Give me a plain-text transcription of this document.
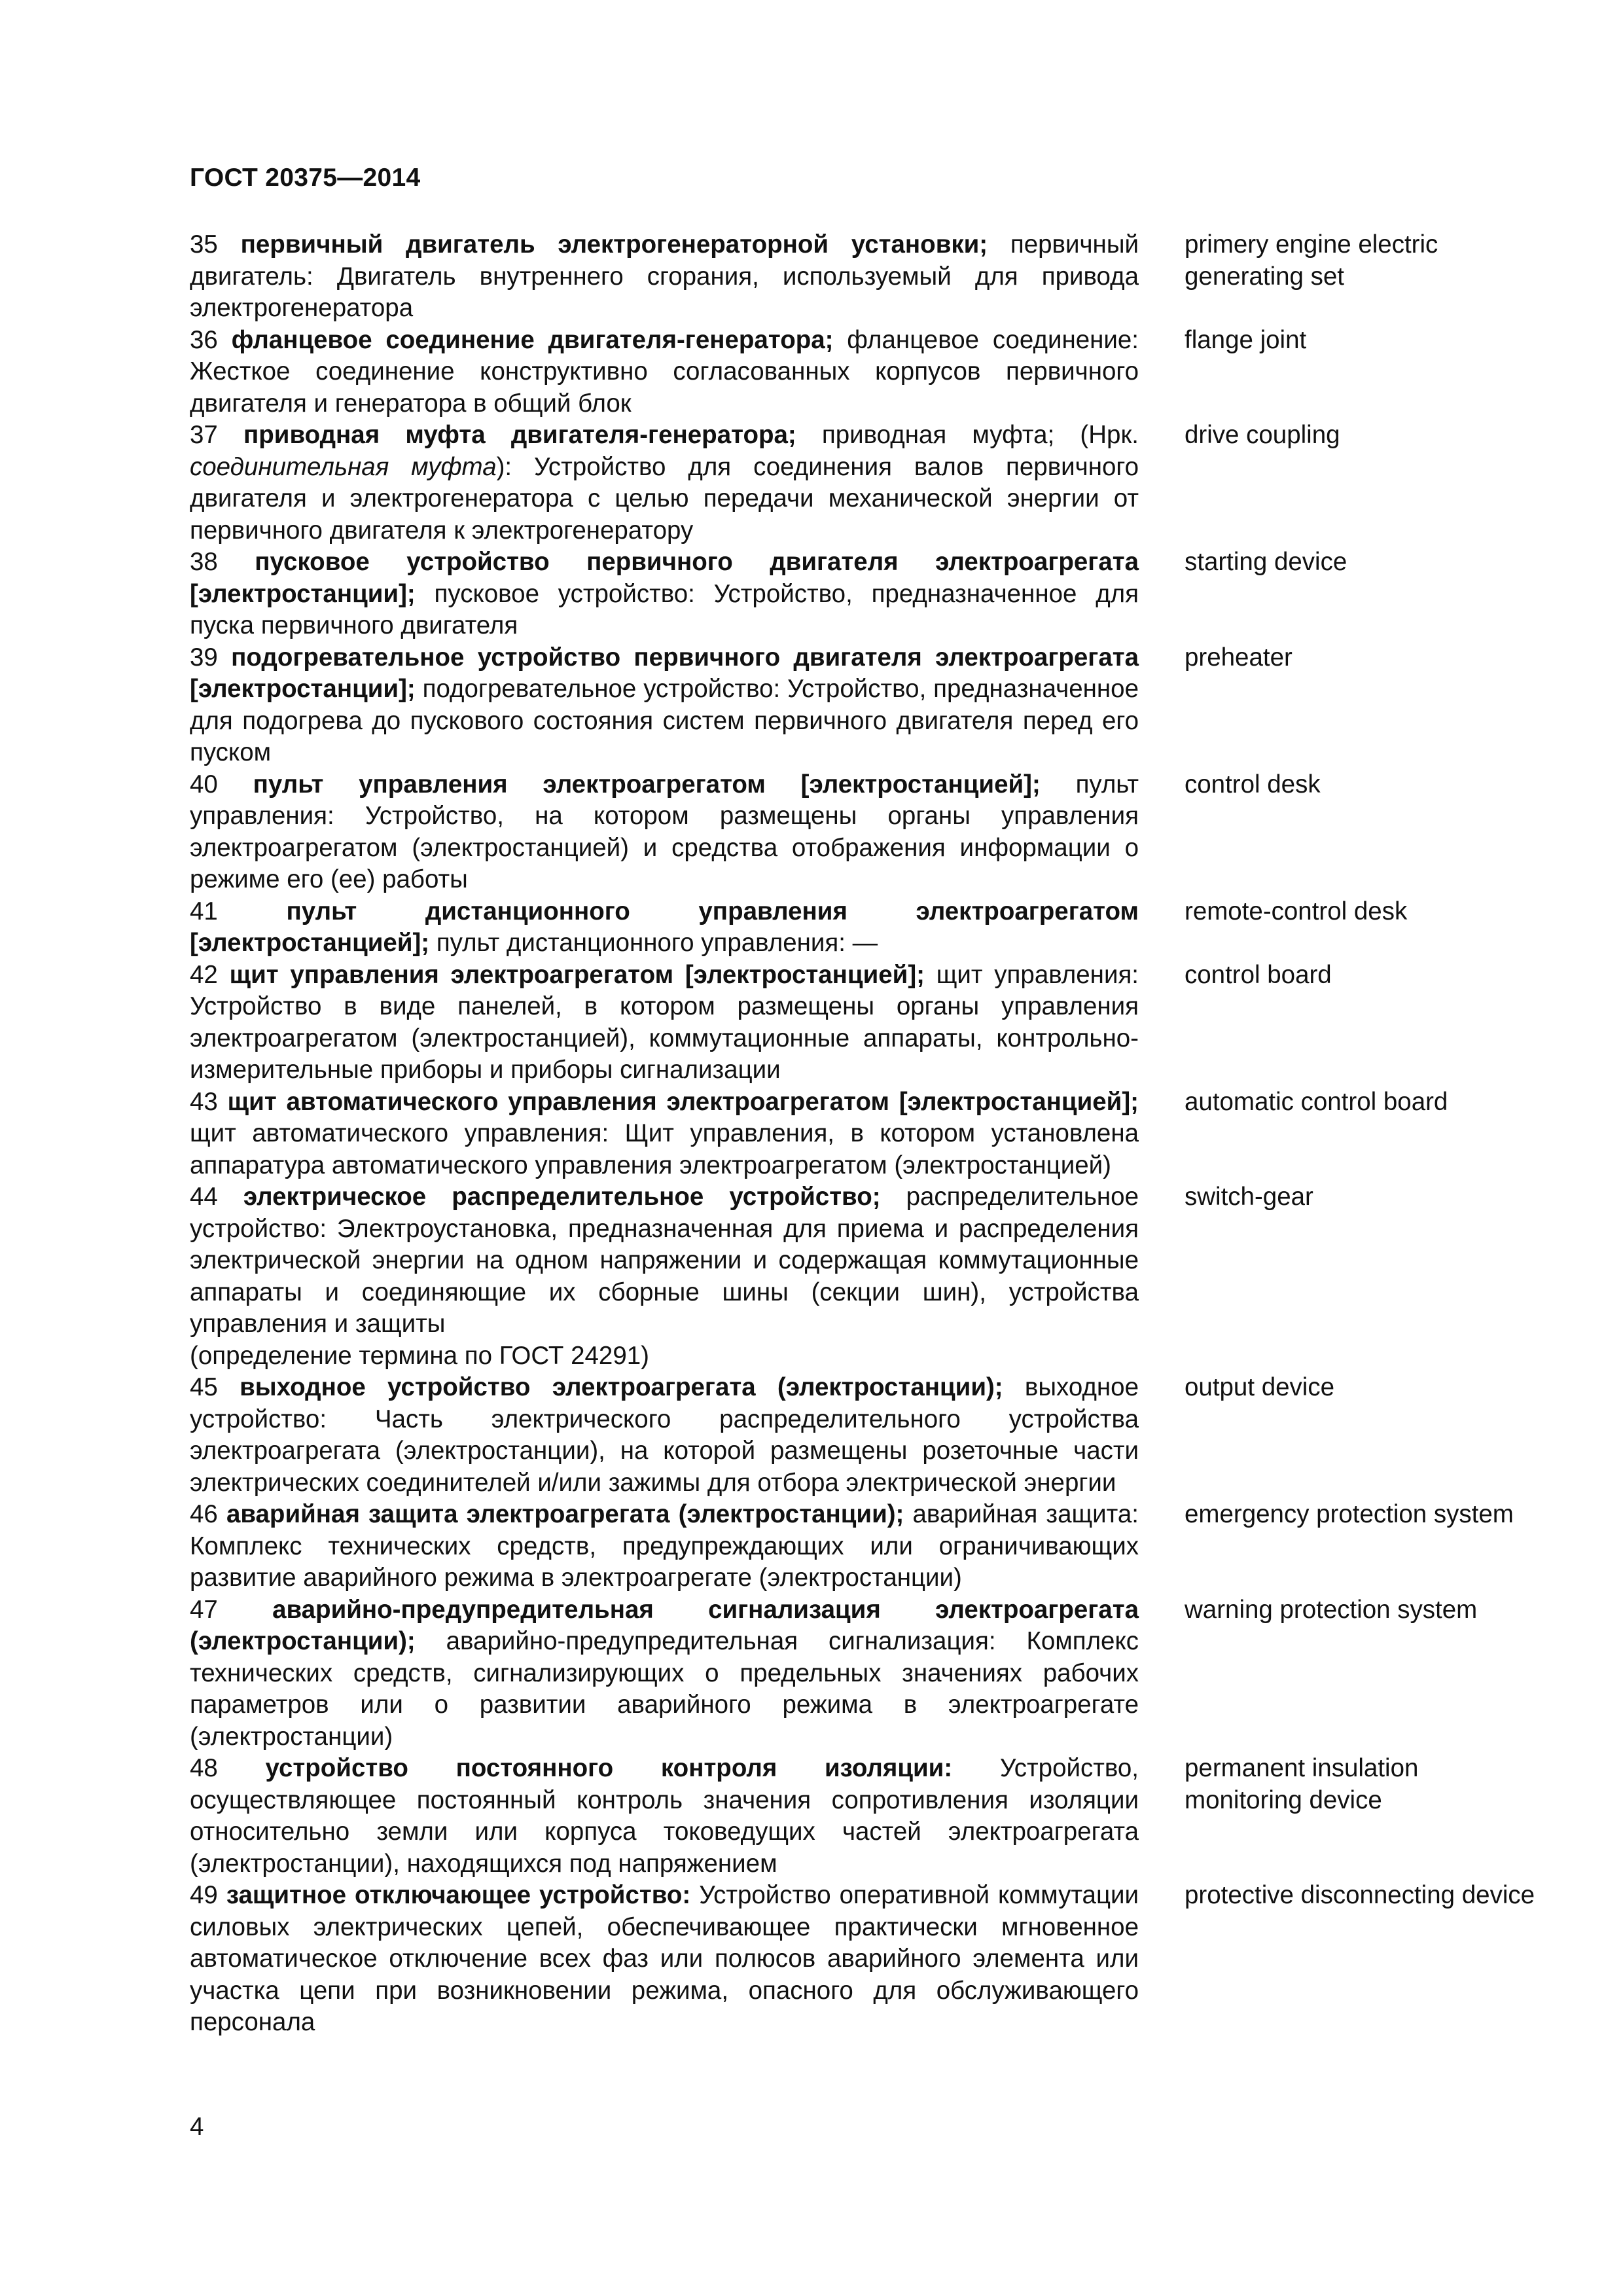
ГОСТ 20375—2014
35 первичный двигатель электрогенераторной установки; первичный двигатель: Двигатель внутреннего сгорания, используемый для привода электрогенератора
primery engine electric generating set
36 фланцевое соединение двигателя-генератора; фланцевое соединение: Жесткое соединение конструктивно согласованных корпусов первичного двигателя и генератора в общий блок
flange joint
37 приводная муфта двигателя-генератора; приводная муфта; (Нрк. соединительная муфта): Устройство для соединения валов первичного двигателя и электрогенератора с целью передачи механической энергии от первичного двигателя к электрогенератору
drive coupling
38 пусковое устройство первичного двигателя электроагрегата [электростанции]; пусковое устройство: Устройство, предназначенное для пуска первичного двигателя
starting device
39 подогревательное устройство первичного двигателя электроагрегата [электростанции]; подогревательное устройство: Устройство, предназначенное для подогрева до пускового состояния систем первичного двигателя перед его пуском
preheater
40 пульт управления электроагрегатом [электростанцией]; пульт управления: Устройство, на котором размещены органы управления электроагрегатом (электростанцией) и средства отображения информации о режиме его (ее) работы
control desk
41	пульт дистанционного управления электроагрегатом [электростанцией]; пульт дистанционного управления: —
remote-control desk
42 щит управления электроагрегатом [электростанцией]; щит управления: Устройство в виде панелей, в котором размещены органы управления электроагрегатом (электростанцией), коммутационные аппараты, контрольно-измерительные приборы и приборы сигнализации
control board
43 щит автоматического управления электроагрегатом [электростанцией]; щит автоматического управления: Щит управления, в котором установлена аппаратура автоматического управления электроагрегатом (электростанцией)
automatic control board
44 электрическое распределительное устройство; распределительное устройство: Электроустановка, предназначенная для приема и распределения электрической энергии на одном напряжении и содержащая коммутационные аппараты и соединяющие их сборные шины (секции шин), устройства управления и защиты
(определение термина по ГОСТ 24291)
switch-gear
45 выходное устройство электроагрегата (электростанции); выходное устройство: Часть электрического распределительного устройства электроагрегата (электростанции), на которой размещены розеточные части электрических соединителей и/или зажимы для отбора электрической энергии
output device
46 аварийная защита электроагрегата (электростанции); аварийная защита: Комплекс технических средств, предупреждающих или ограничивающих развитие аварийного режима в электроагрегате (электростанции)
emergency protection system
47 аварийно-предупредительная сигнализация электроагрегата (электростанции); аварийно-предупредительная сигнализация: Комплекс технических средств, сигнализирующих о предельных значениях рабочих параметров или о развитии аварийного режима в электроагрегате (электростанции)
warning protection system
48 устройство постоянного контроля изоляции: Устройство, осуществляющее постоянный контроль значения сопротивления изоляции относительно земли или корпуса токоведущих частей электроагрегата (электростанции), находящихся под напряжением
permanent insulation monitoring device
49 защитное отключающее устройство: Устройство оперативной коммутации силовых электрических цепей, обеспечивающее практически мгновенное автоматическое отключение всех фаз или полюсов аварийного элемента или участка цепи при возникновении режима, опасного для обслуживающего персонала
protective disconnecting device
4
